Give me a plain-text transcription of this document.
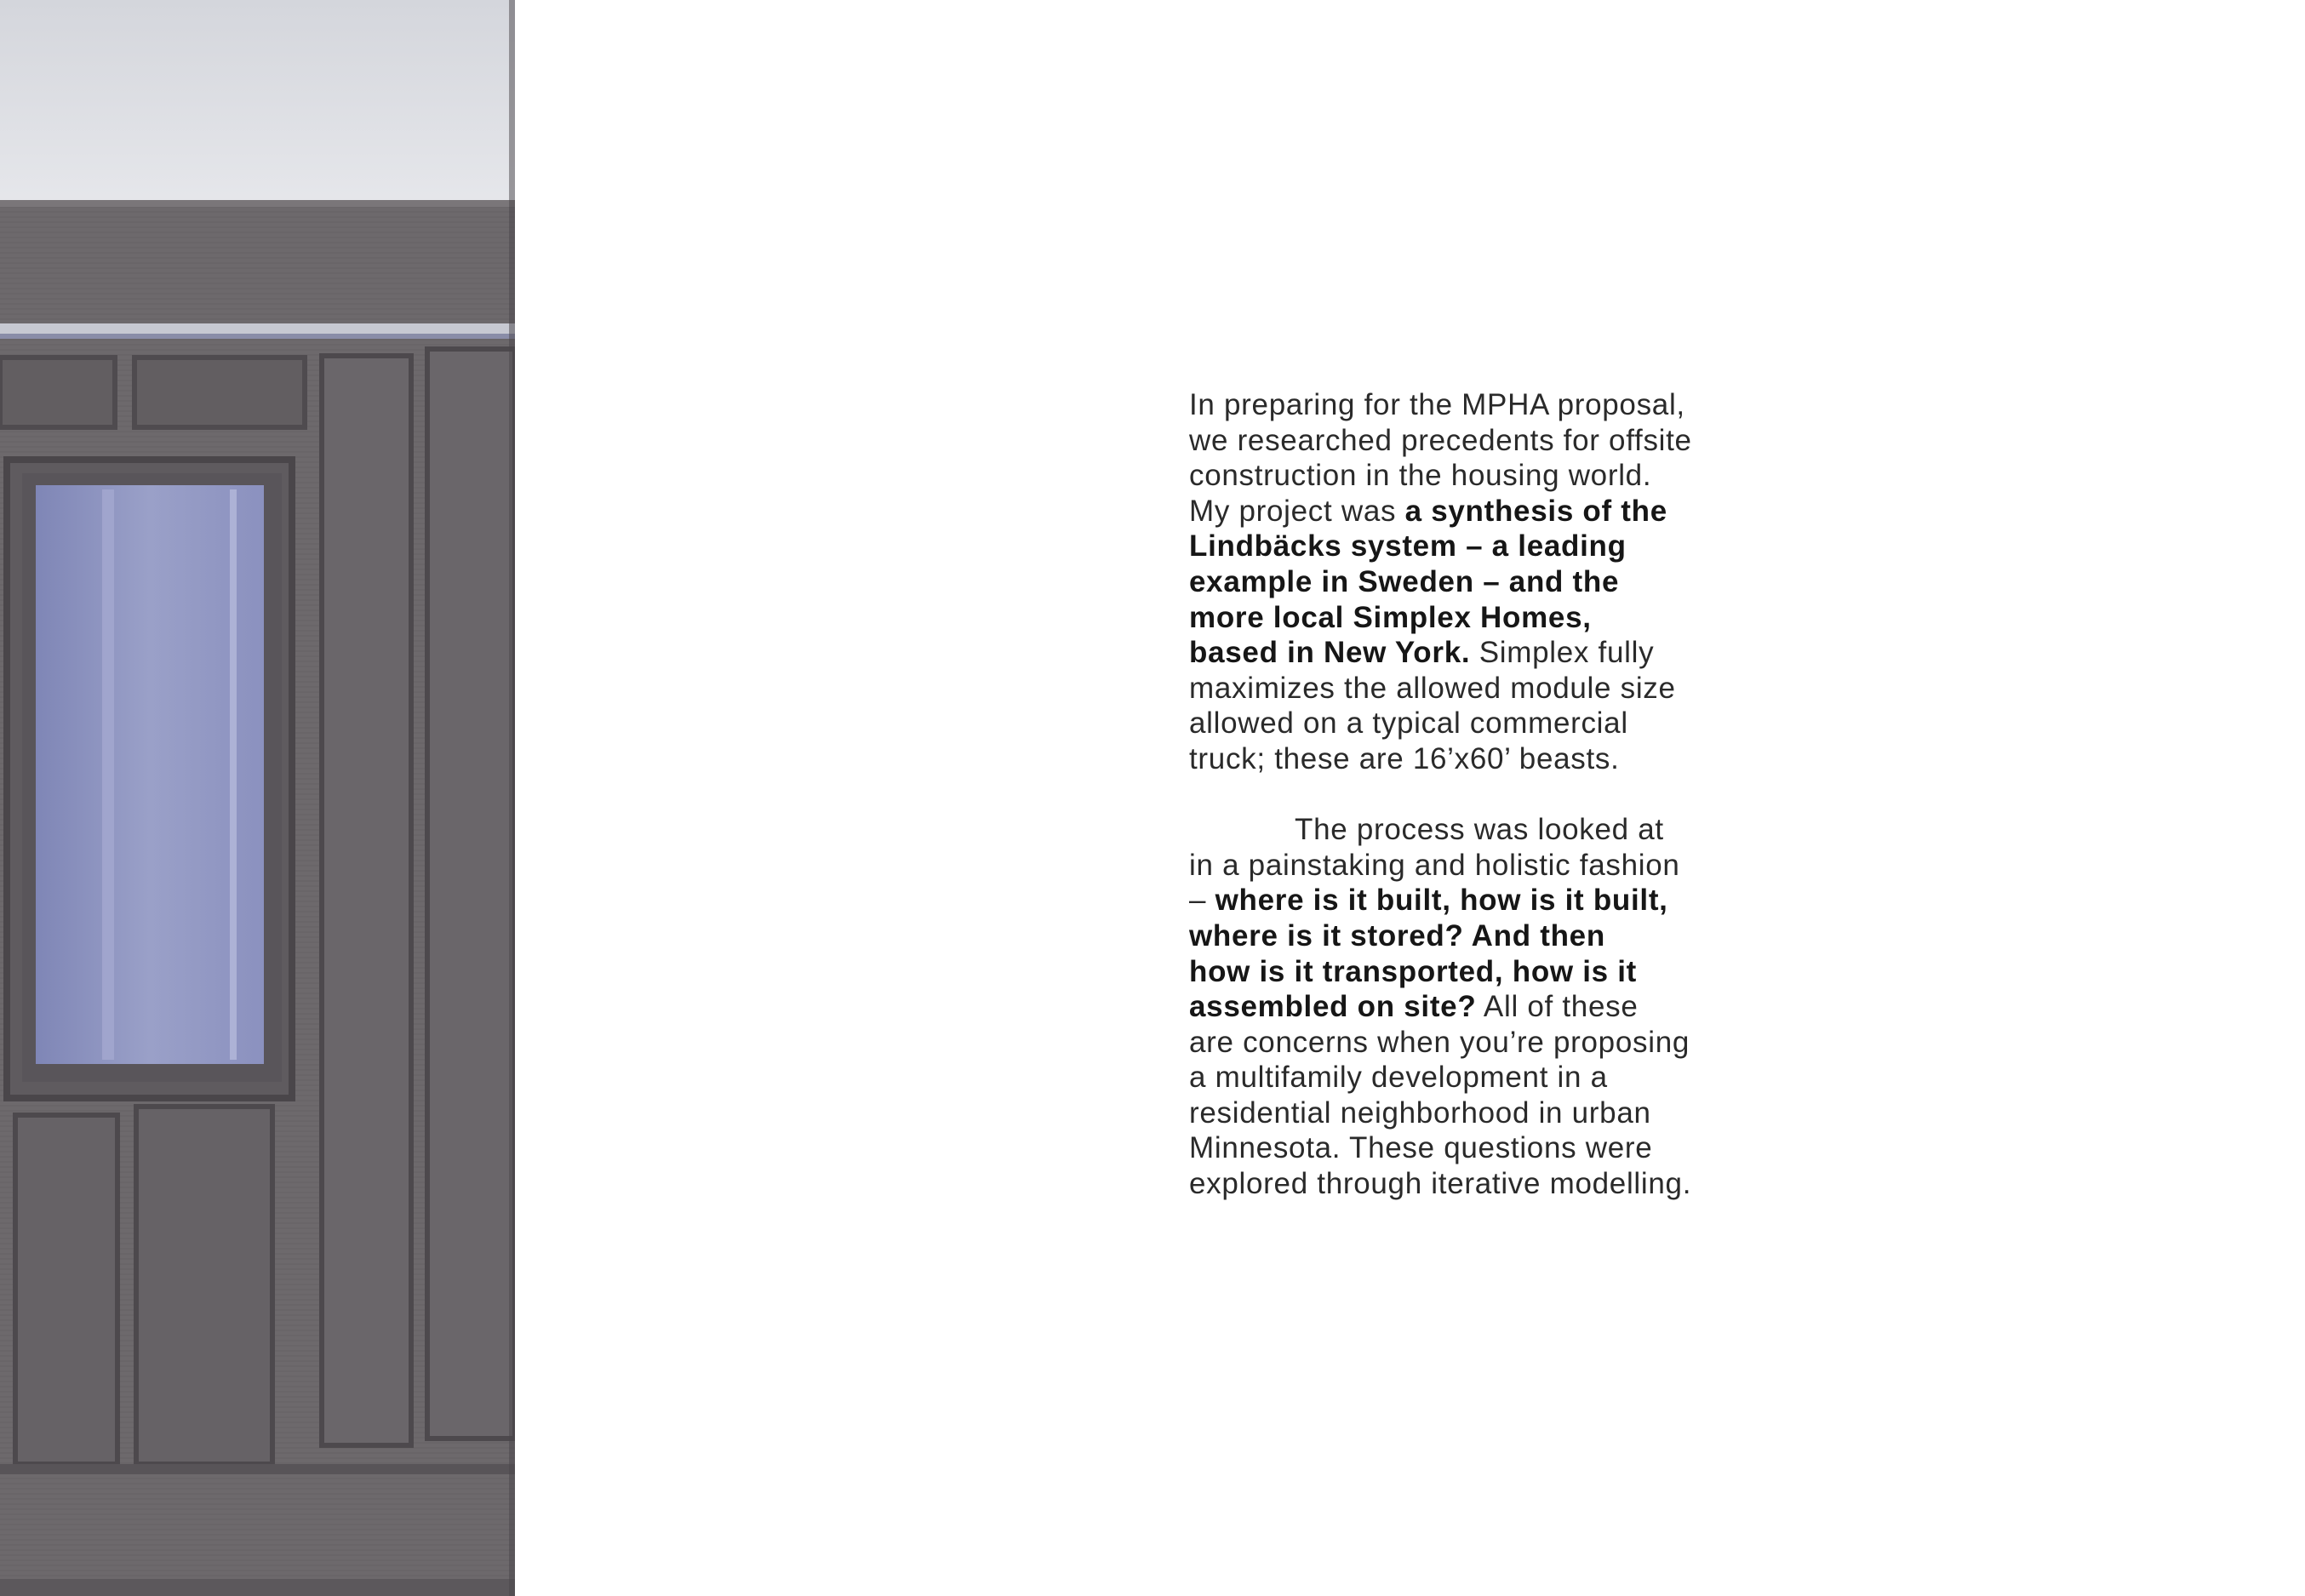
In preparing for the MPHA proposal,
we researched precedents for offsite
construction in the housing world.
My project was a synthesis of the
Lindbäcks system – a leading
example in Sweden – and the
more local Simplex Homes,
based in New York. Simplex fully
maximizes the allowed module size
allowed on a typical commercial
truck; these are 16’x60’ beasts.
The process was looked at
in a painstaking and holistic fashion
– where is it built, how is it built,
where is it stored? And then
how is it transported, how is it
assembled on site? All of these
are concerns when you’re proposing
a multifamily development in a
residential neighborhood in urban
Minnesota. These questions were
explored through iterative modelling.
